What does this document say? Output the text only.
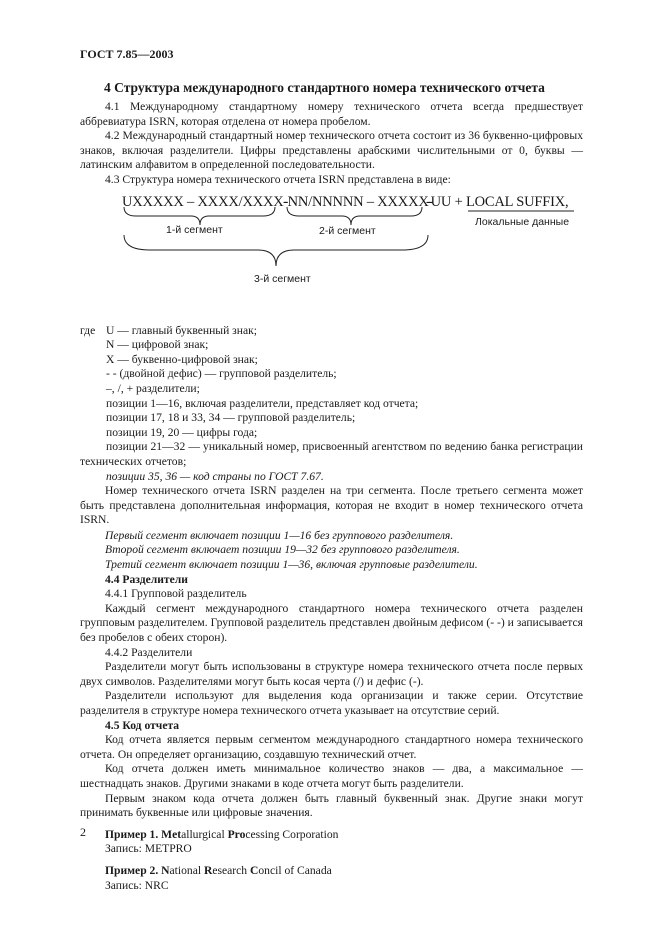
ГОСТ 7.85—2003
4 Структура международного стандартного номера технического отчета

4.1 Международному стандартному номеру технического отчета всегда предшествует аббревиатура ISRN, которая отделена от номера пробелом.

4.2 Международный стандартный номер технического отчета состоит из 36 буквенно-цифровых знаков, включая разделители. Цифры представлены арабскими числительными от 0, буквы — латинским алфавитом в определенной последовательности.

4.3 Структура номера технического отчета ISRN представлена в виде:

UXXXXX – XXXX/XXXX-
-NN/NNNNN – XXXXX-
-UU + LOCAL SUFFIX,
1-й сегмент	2-й сегмент
Локальные данные
3-й сегмент
где U — главный буквенный знак;
N — цифровой знак;
X — буквенно-цифровой знак;
- - (двойной дефис) — групповой разделитель;
–, /, + разделители;
позиции 1—16, включая разделители, представляет код отчета;
позиции 17, 18 и 33, 34 — групповой разделитель;
позиции 19, 20 — цифры года;

позиции 21—32 — уникальный номер, присвоенный агентством по ведению банка регистрации технических отчетов;

позиции 35, 36 — код страны по ГОСТ 7.67.

Номер технического отчета ISRN разделен на три сегмента. После третьего сегмента может быть представлена дополнительная информация, которая не входит в номер технического отчета ISRN.

Первый сегмент включает позиции 1—16 без группового разделителя.
Второй сегмент включает позиции 19—32 без группового разделителя.
Третий сегмент включает позиции 1—36, включая групповые разделители.

4.4 Разделители

4.4.1 Групповой разделитель

Каждый сегмент международного стандартного номера технического отчета разделен групповым разделителем. Групповой разделитель представлен двойным дефисом (- -) и записывается без пробелов с обеих сторон).

4.4.2 Разделители

Разделители могут быть использованы в структуре номера технического отчета после первых двух символов. Разделителями могут быть косая черта (/) и дефис (-).

Разделители используют для выделения кода организации и также серии. Отсутствие разделителя в структуре номера технического отчета указывает на отсутствие серий.

4.5 Код отчета

Код отчета является первым сегментом международного стандартного номера технического отчета. Он определяет организацию, создавшую технический отчет.

Код отчета должен иметь минимальное количество знаков — два, а максимальное — шестнадцать знаков. Другими знаками в коде отчета могут быть разделители.

Первым знаком кода отчета должен быть главный буквенный знак. Другие знаки могут принимать буквенные или цифровые значения.

Пример 1. Metallurgical Processing Corporation

Запись: METPRO

Пример 2. National Research Concil of Canada

Запись: NRC

2
